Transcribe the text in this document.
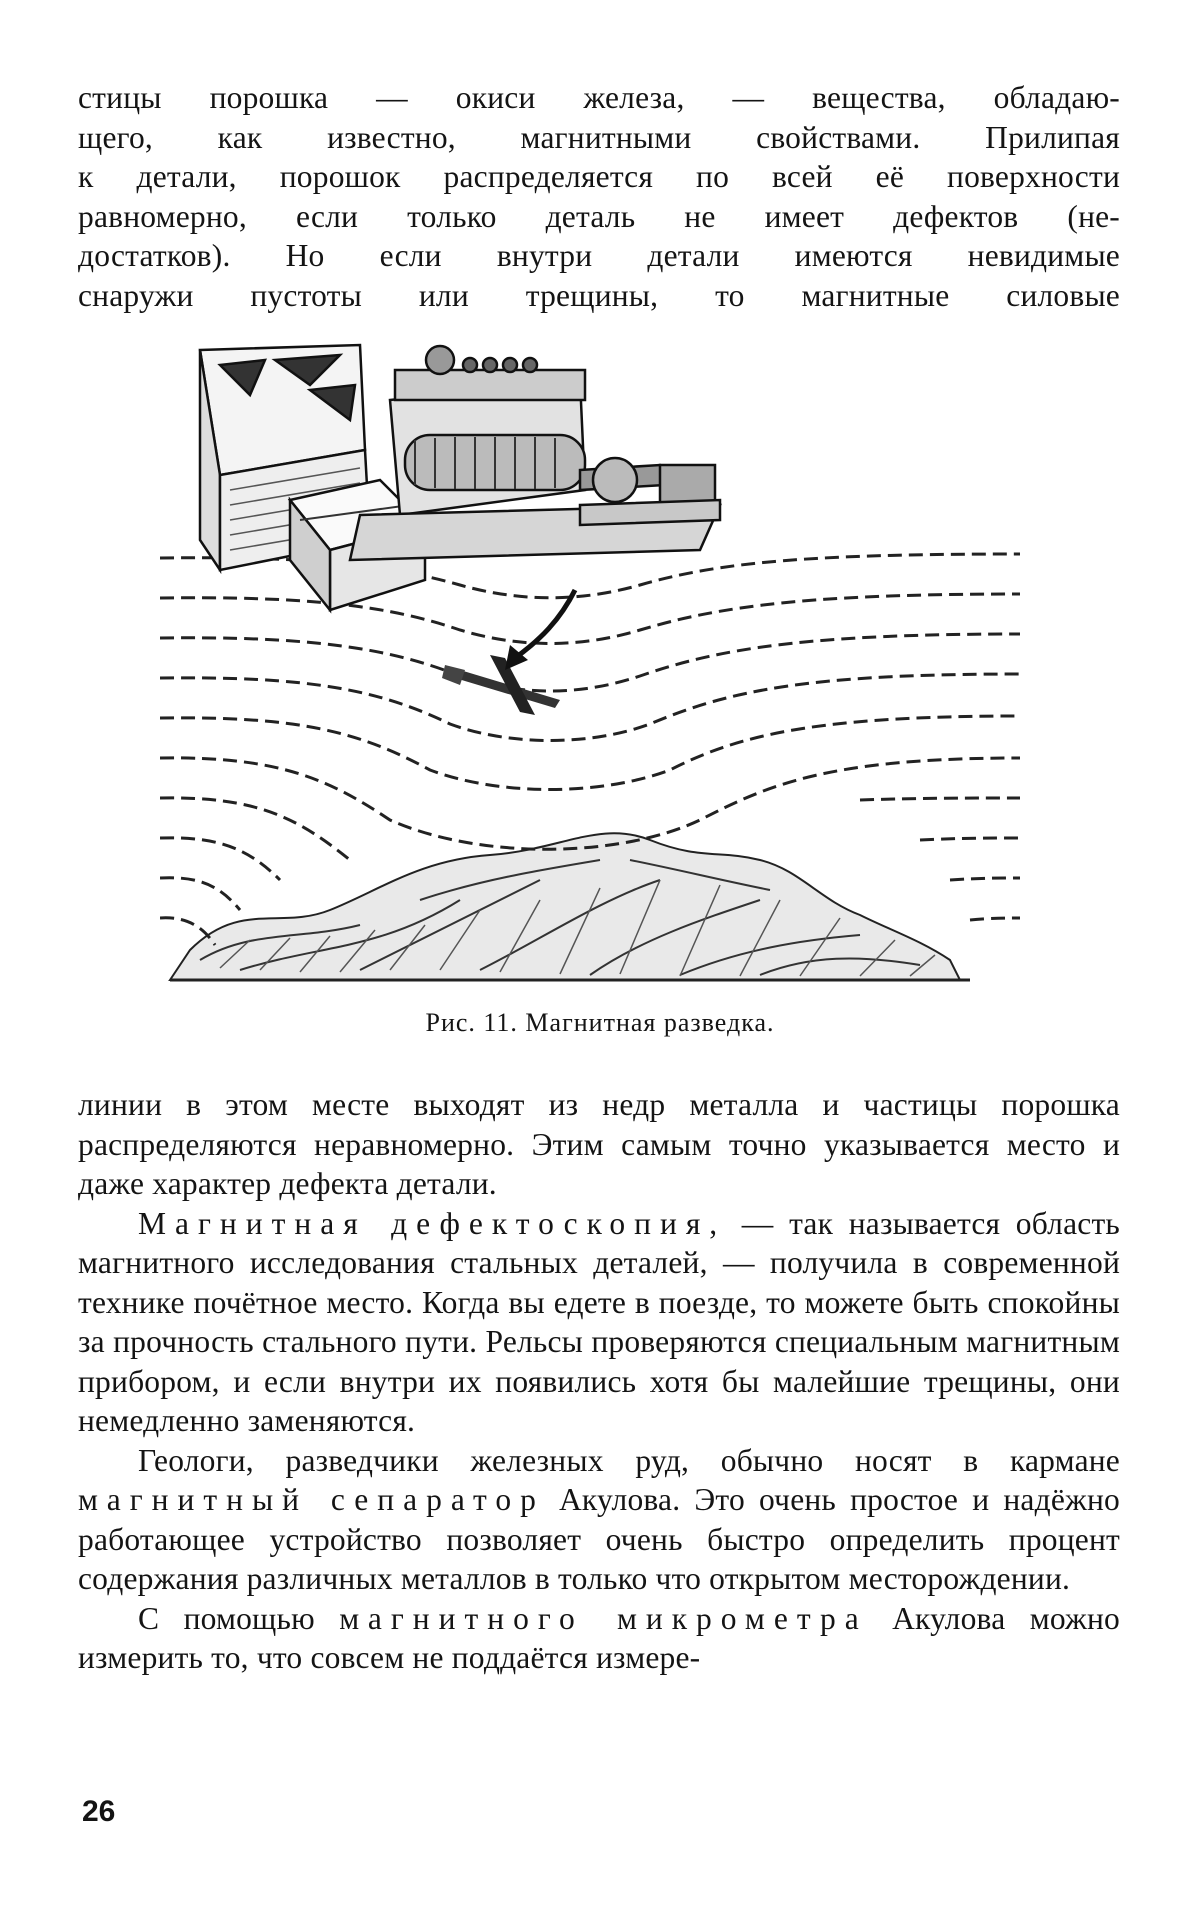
стицы порошка — окиси железа, — вещества, обладаю-

щего, как известно, магнитными свойствами. Прилипая

к детали, порошок распределяется по всей её поверхности

равномерно, если только деталь не имеет дефектов (не-

достатков). Но если внутри детали имеются невидимые

снаружи пустоты или трещины, то магнитные силовые

Рис. 11. Магнитная разведка.

линии в этом месте выходят из недр металла и частицы порошка распределяются неравномерно. Этим самым точно указывается место и даже характер дефекта детали.

Магнитная дефектоскопия, — так называется область магнитного исследования стальных деталей, — получила в современной технике почётное место. Когда вы едете в поезде, то можете быть спокойны за прочность стального пути. Рельсы проверяются специальным магнитным прибором, и если внутри их появились хотя бы малейшие трещины, они немедленно заменяются.

Геологи, разведчики железных руд, обычно носят в кармане магнитный сепаратор Акулова. Это очень простое и надёжно работающее устройство позволяет очень быстро определить процент содержания различных металлов в только что открытом месторождении.

С помощью магнитного микрометра Акулова можно измерить то, что совсем не поддаётся измере-

26
